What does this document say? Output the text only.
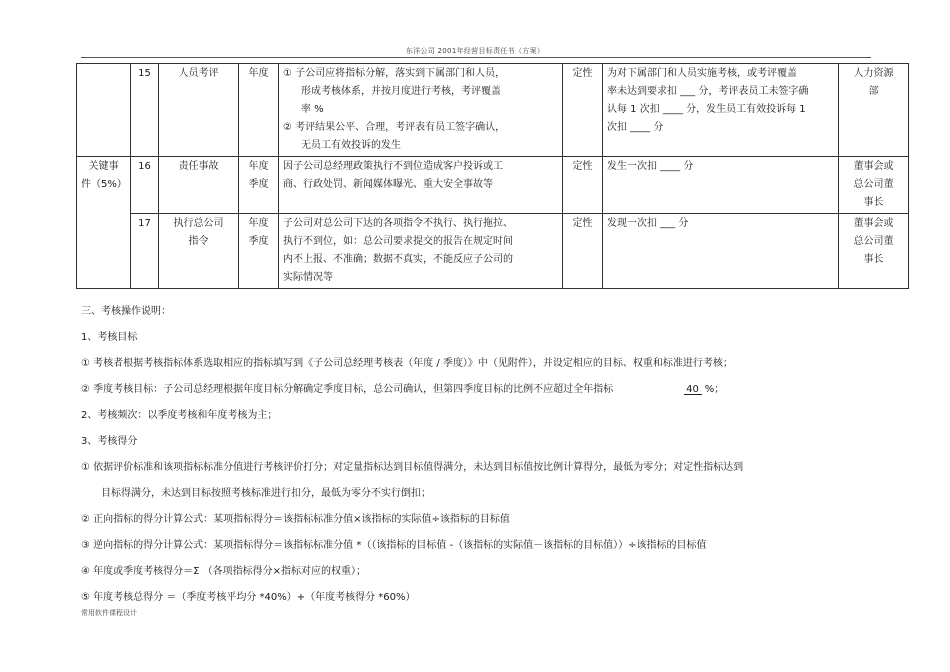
东洋公司 2001年经营目标责任书（方案）
	15	人员考评	年度	① 子公司应将指标分解，落实到下属部门和人员，
形成考核体系，并按月度进行考核，考评覆盖
率 %
② 考评结果公平、合理，考评表有员工签字确认，
无员工有效投诉的发生	定性	为对下属部门和人员实施考核，或考评覆盖
率未达到要求扣 ___ 分，考评表员工未签字确
认每 1 次扣 ____ 分，发生员工有效投诉每 1
次扣 ____ 分	人力资源
部
关键事
件（5%）	16	责任事故	年度
季度	因子公司总经理政策执行不到位造成客户投诉或工
商、行政处罚、新闻媒体曝光、重大安全事故等	定性	发生一次扣 ____ 分	董事会或
总公司董
事长
	17	执行总公司
指令	年度
季度	子公司对总公司下达的各项指令不执行、执行拖拉、
执行不到位，如：总公司要求提交的报告在规定时间
内不上报、不准确；数据不真实，不能反应子公司的
实际情况等	定性	发现一次扣 ___ 分	董事会或
总公司董
事长
三、考核操作说明：
1、考核目标
① 考核者根据考核指标体系选取相应的指标填写到《子公司总经理考核表（年度 / 季度）》中（见附件），并设定相应的目标、权重和标准进行考核；
② 季度考核目标：子公司总经理根据年度目标分解确定季度目标，总公司确认，但第四季度目标的比例不应超过全年指标	40 %；
2、考核频次：以季度考核和年度考核为主；
3、考核得分
① 依据评价标准和该项指标标准分值进行考核评价打分；对定量指标达到目标值得满分，未达到目标值按比例计算得分，最低为零分；对定性指标达到
目标得满分，未达到目标按照考核标准进行扣分，最低为零分不实行倒扣；
② 正向指标的得分计算公式：某项指标得分＝该指标标准分值×该指标的实际值÷该指标的目标值
③ 逆向指标的得分计算公式：某项指标得分＝该指标标准分值 *（（该指标的目标值 -（该指标的实际值－该指标的目标值））÷该指标的目标值
④ 年度或季度考核得分＝Σ （各项指标得分×指标对应的权重）；
⑤ 年度考核总得分 ＝（季度考核平均分 *40%）+（年度考核得分 *60%）
常用软件课程设计
